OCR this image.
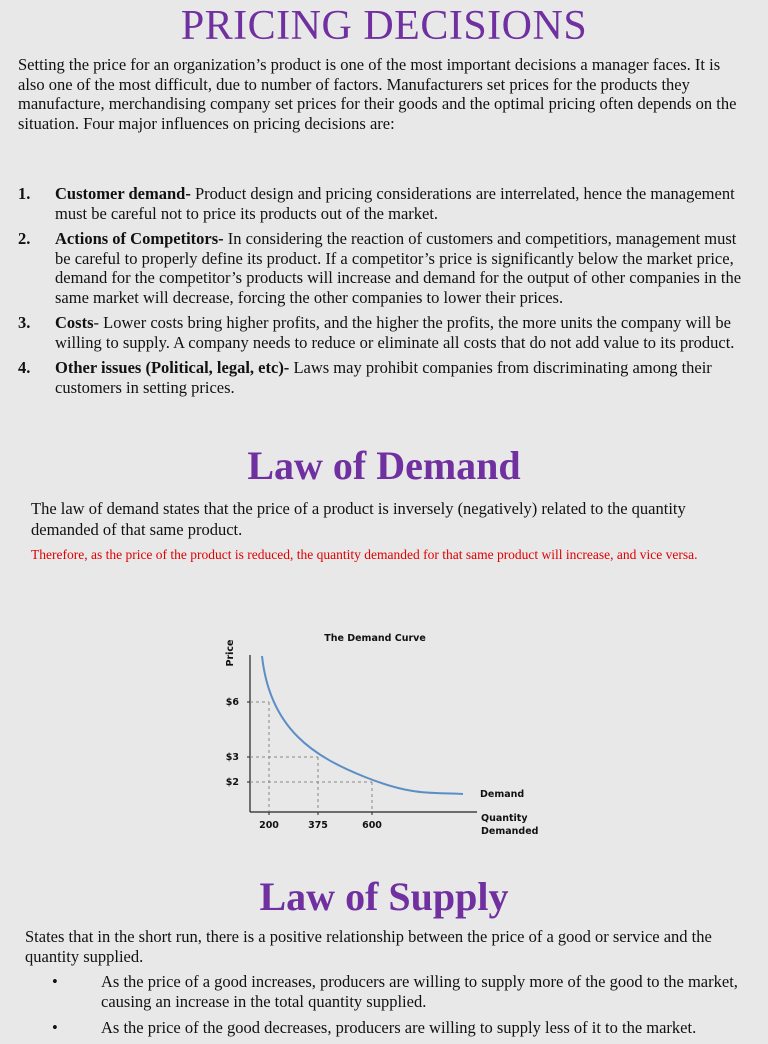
PRICING DECISIONS
Setting the price for an organization’s product is one of the most important decisions a manager faces. It is also one of the most difficult, due to number of factors. Manufacturers set prices for the products they manufacture, merchandising company set prices for their goods and the optimal pricing often depends on the situation. Four major influences on pricing decisions are:
1. Customer demand- Product design and pricing considerations are interrelated, hence the management must be careful not to price its products out of the market.
2. Actions of Competitors- In considering the reaction of customers and competitiors, management must be careful to properly define its product. If a competitor’s price is significantly below the market price, demand for the competitor’s products will increase and demand for the output of other companies in the same market will decrease, forcing the other companies to lower their prices.
3. Costs- Lower costs bring higher profits, and the higher the profits, the more units the company will be willing to supply. A company needs to reduce or eliminate all costs that do not add value to its product.
4. Other issues (Political, legal, etc)- Laws may prohibit companies from discriminating among their customers in setting prices.
Law of Demand
The law of demand states that the price of a product is inversely (negatively) related to the quantity demanded of that same product.
Therefore, as the price of the product is reduced, the quantity demanded for that same product will increase, and vice versa.
The Demand Curve
Price
$6
200
$3
375
$2
600
Demand
Quantity
Demanded
Law of Supply
States that in the short run, there is a positive relationship between the price of a good or service and the quantity supplied.
•	As the price of a good increases, producers are willing to supply more of the good to the market, causing an increase in the total quantity supplied.
•	As the price of the good decreases, producers are willing to supply less of it to the market.
